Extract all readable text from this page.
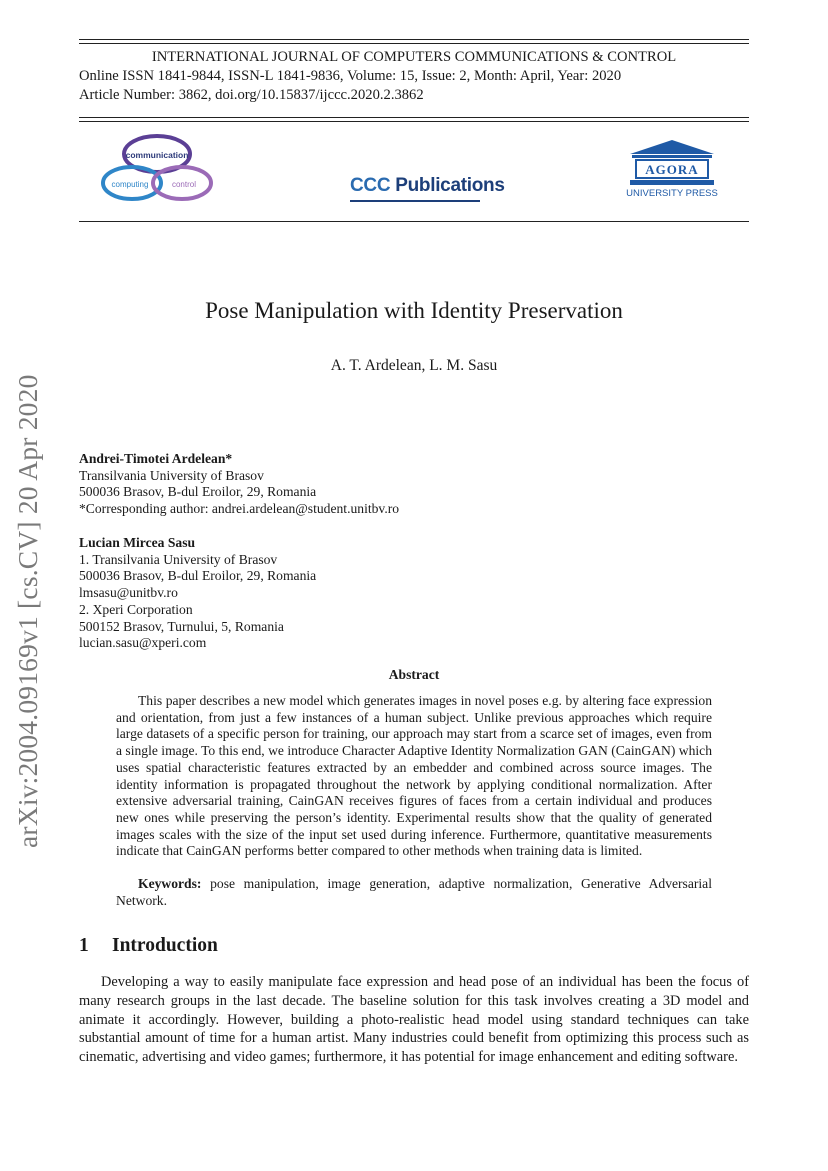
INTERNATIONAL JOURNAL OF COMPUTERS COMMUNICATIONS & CONTROL
Online ISSN 1841-9844, ISSN-L 1841-9836, Volume: 15, Issue: 2, Month: April, Year: 2020
Article Number: 3862, doi.org/10.15837/ijccc.2020.2.3862
communication
computing	control	CCC Publications
AGORA
UNIVERSITY PRESS
arXiv:2004.09169v1 [cs.CV] 20 Apr 2020
Pose Manipulation with Identity Preservation
A. T. Ardelean, L. M. Sasu
Andrei-Timotei Ardelean*
Transilvania University of Brasov
500036 Brasov, B-dul Eroilor, 29, Romania
*Corresponding author: andrei.ardelean@student.unitbv.ro
Lucian Mircea Sasu
1. Transilvania University of Brasov
500036 Brasov, B-dul Eroilor, 29, Romania
lmsasu@unitbv.ro
2. Xperi Corporation
500152 Brasov, Turnului, 5, Romania
lucian.sasu@xperi.com
Abstract
This paper describes a new model which generates images in novel poses e.g. by altering face expression and orientation, from just a few instances of a human subject. Unlike previous approaches which require large datasets of a specific person for training, our approach may start from a scarce set of images, even from a single image. To this end, we introduce Character Adaptive Identity Normalization GAN (CainGAN) which uses spatial characteristic features extracted by an embedder and combined across source images. The identity information is propagated throughout the network by applying conditional normalization. After extensive adversarial training, CainGAN receives figures of faces from a certain individual and produces new ones while preserving the person’s identity. Experimental results show that the quality of generated images scales with the size of the input set used during inference. Furthermore, quantitative measurements indicate that CainGAN performs better compared to other methods when training data is limited.
Keywords: pose manipulation, image generation, adaptive normalization, Generative Adversarial Network.
1 Introduction
Developing a way to easily manipulate face expression and head pose of an individual has been the focus of many research groups in the last decade. The baseline solution for this task involves creating a 3D model and animate it accordingly. However, building a photo-realistic head model using standard techniques can take substantial amount of time for a human artist. Many industries could benefit from optimizing this process such as cinematic, advertising and video games; furthermore, it has potential for image enhancement and editing software.
